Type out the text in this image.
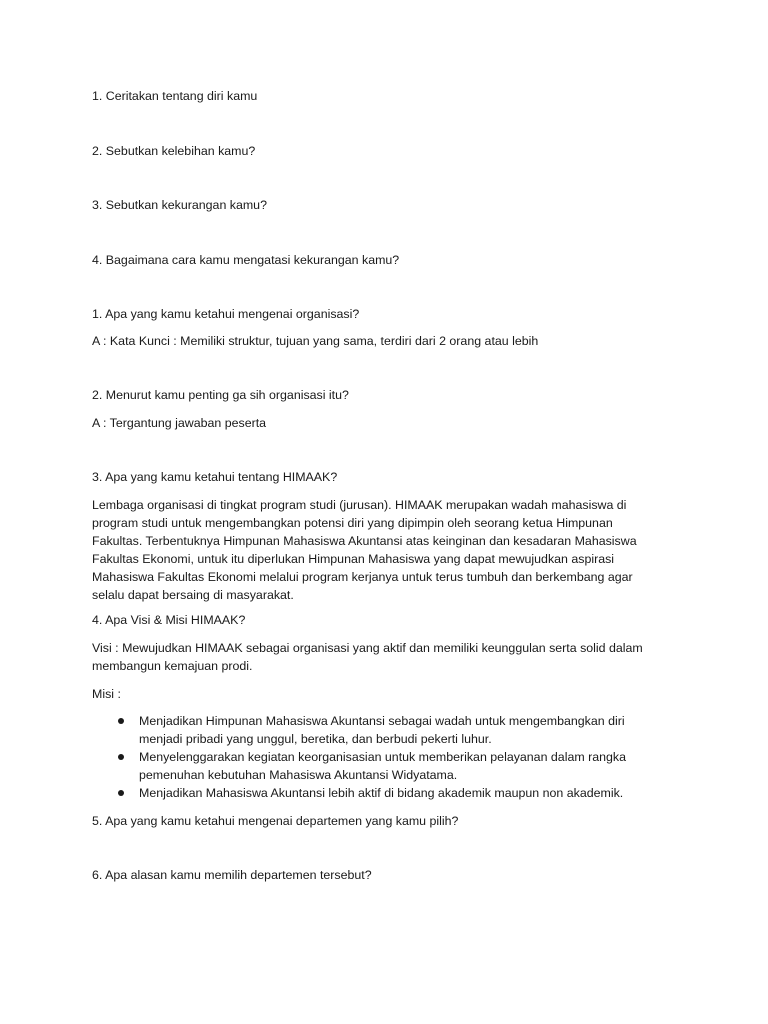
1. Ceritakan tentang diri kamu
2. Sebutkan kelebihan kamu?
3. Sebutkan kekurangan kamu?
4. Bagaimana cara kamu mengatasi kekurangan kamu?
1. Apa yang kamu ketahui mengenai organisasi?
A : Kata Kunci : Memiliki struktur, tujuan yang sama, terdiri dari 2 orang atau lebih
2. Menurut kamu penting ga sih organisasi itu?
A : Tergantung jawaban peserta
3. Apa yang kamu ketahui tentang HIMAAK?
Lembaga organisasi di tingkat program studi (jurusan). HIMAAK merupakan wadah mahasiswa di
program studi untuk mengembangkan potensi diri yang dipimpin oleh seorang ketua Himpunan
Fakultas. Terbentuknya Himpunan Mahasiswa Akuntansi atas keinginan dan kesadaran Mahasiswa
Fakultas Ekonomi, untuk itu diperlukan Himpunan Mahasiswa yang dapat mewujudkan aspirasi
Mahasiswa Fakultas Ekonomi melalui program kerjanya untuk terus tumbuh dan berkembang agar
selalu dapat bersaing di masyarakat.
4. Apa Visi & Misi HIMAAK?
Visi : Mewujudkan HIMAAK sebagai organisasi yang aktif dan memiliki keunggulan serta solid dalam
membangun kemajuan prodi.
Misi :
Menjadikan Himpunan Mahasiswa Akuntansi sebagai wadah untuk mengembangkan diri
menjadi pribadi yang unggul, beretika, dan berbudi pekerti luhur.
Menyelenggarakan kegiatan keorganisasian untuk memberikan pelayanan dalam rangka
pemenuhan kebutuhan Mahasiswa Akuntansi Widyatama.
Menjadikan Mahasiswa Akuntansi lebih aktif di bidang akademik maupun non akademik.
5. Apa yang kamu ketahui mengenai departemen yang kamu pilih?
6. Apa alasan kamu memilih departemen tersebut?
